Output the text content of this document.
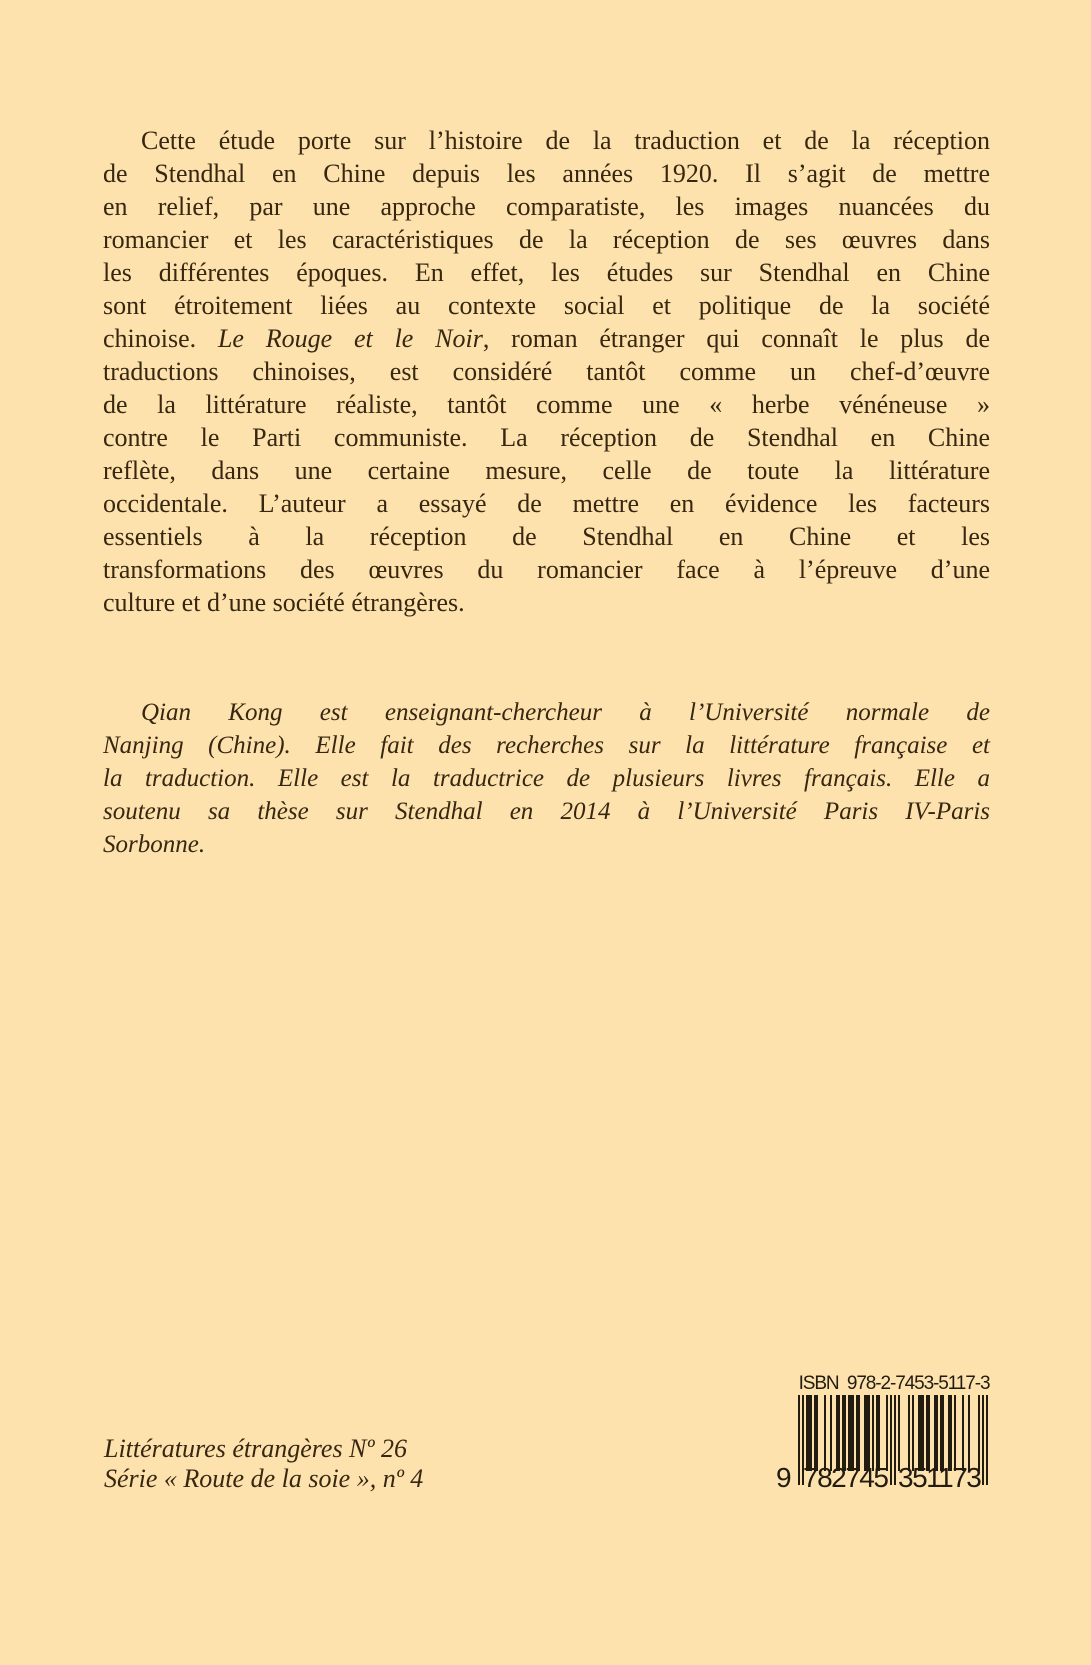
Cette étude porte sur l’histoire de la traduction et de la réception
de Stendhal en Chine depuis les années 1920. Il s’agit de mettre
en relief, par une approche comparatiste, les images nuancées du
romancier et les caractéristiques de la réception de ses œuvres dans
les différentes époques. En effet, les études sur Stendhal en Chine
sont étroitement liées au contexte social et politique de la société
chinoise. Le Rouge et le Noir, roman étranger qui connaît le plus de
traductions chinoises, est considéré tantôt comme un chef-d’œuvre
de la littérature réaliste, tantôt comme une « herbe vénéneuse »
contre le Parti communiste. La réception de Stendhal en Chine
reflète, dans une certaine mesure, celle de toute la littérature
occidentale. L’auteur a essayé de mettre en évidence les facteurs
essentiels à la réception de Stendhal en Chine et les
transformations des œuvres du romancier face à l’épreuve d’une
culture et d’une société étrangères.
Qian Kong est enseignant-chercheur à l’Université normale de
Nanjing (Chine). Elle fait des recherches sur la littérature française et
la traduction. Elle est la traductrice de plusieurs livres français. Elle a
soutenu sa thèse sur Stendhal en 2014 à l’Université Paris IV-Paris
Sorbonne.
Littératures étrangères Nº 26
Série « Route de la soie », nº 4
ISBN  978-2-7453-5117-3
9 782745 351173
